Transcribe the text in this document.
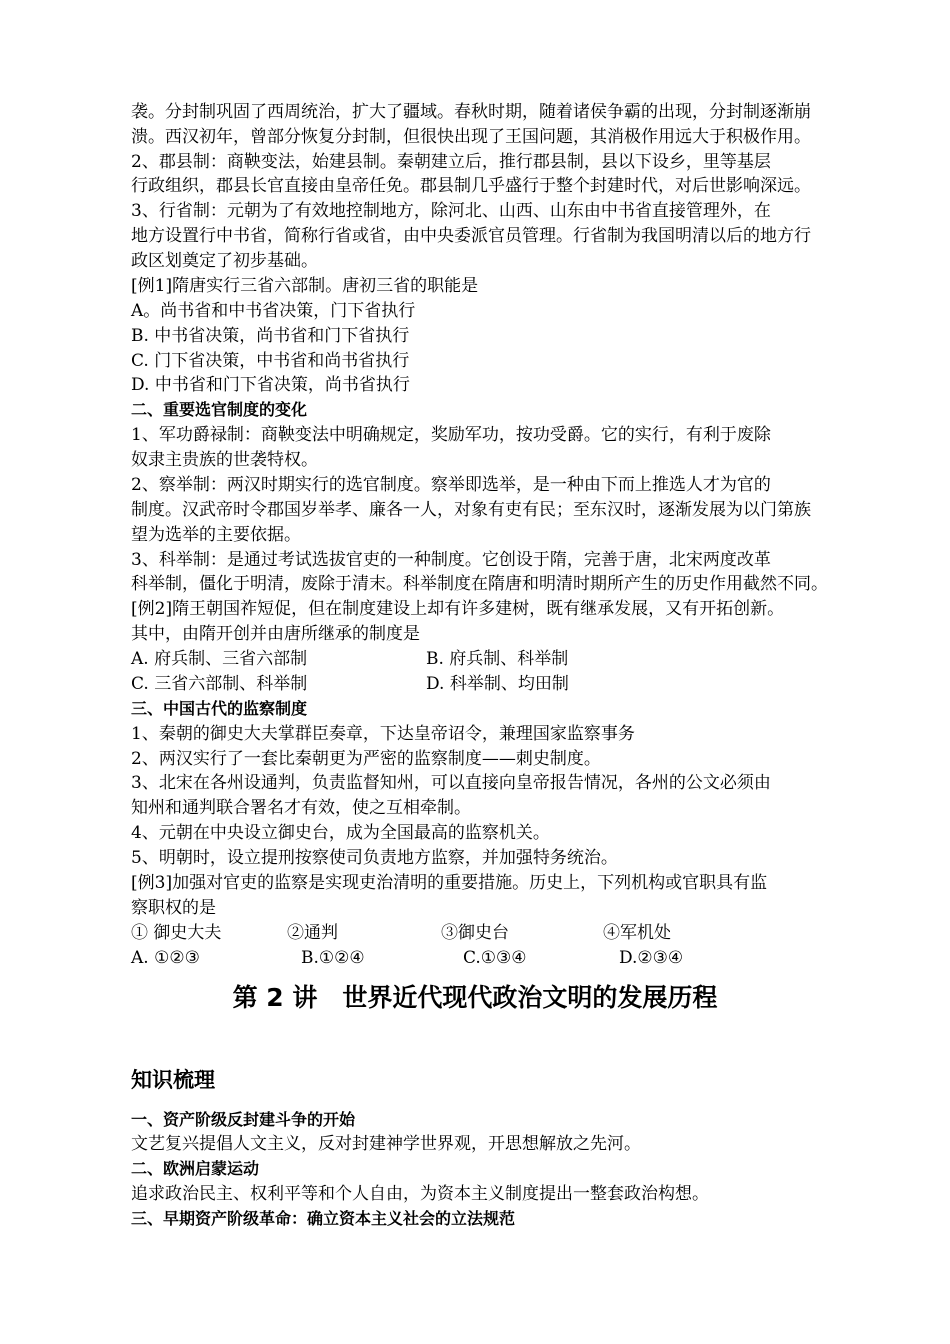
袭。分封制巩固了西周统治，扩大了疆域。春秋时期，随着诸侯争霸的出现，分封制逐渐崩
溃。西汉初年，曾部分恢复分封制，但很快出现了王国问题，其消极作用远大于积极作用。
2、郡县制：商鞅变法，始建县制。秦朝建立后，推行郡县制，县以下设乡，里等基层
行政组织，郡县长官直接由皇帝任免。郡县制几乎盛行于整个封建时代，对后世影响深远。
3、行省制：元朝为了有效地控制地方，除河北、山西、山东由中书省直接管理外，在
地方设置行中书省，简称行省或省，由中央委派官员管理。行省制为我国明清以后的地方行
政区划奠定了初步基础。
[例1]隋唐实行三省六部制。唐初三省的职能是
A。尚书省和中书省决策，门下省执行
B. 中书省决策，尚书省和门下省执行
C. 门下省决策，中书省和尚书省执行
D. 中书省和门下省决策，尚书省执行
二、重要选官制度的变化
1、军功爵禄制：商鞅变法中明确规定，奖励军功，按功受爵。它的实行，有利于废除
奴隶主贵族的世袭特权。
2、察举制：两汉时期实行的选官制度。察举即选举，是一种由下而上推选人才为官的
制度。汉武帝时令郡国岁举孝、廉各一人，对象有吏有民；至东汉时，逐渐发展为以门第族
望为选举的主要依据。
3、科举制：是通过考试选拔官吏的一种制度。它创设于隋，完善于唐，北宋两度改革
科举制，僵化于明清，废除于清末。科举制度在隋唐和明清时期所产生的历史作用截然不同。
[例2]隋王朝国祚短促，但在制度建设上却有许多建树，既有继承发展，又有开拓创新。
其中，由隋开创并由唐所继承的制度是
A. 府兵制、三省六部制	B. 府兵制、科举制
C. 三省六部制、科举制	D. 科举制、均田制
三、中国古代的监察制度
1、秦朝的御史大夫掌群臣奏章，下达皇帝诏令，兼理国家监察事务
2、两汉实行了一套比秦朝更为严密的监察制度——刺史制度。
3、北宋在各州设通判，负责监督知州，可以直接向皇帝报告情况，各州的公文必须由
知州和通判联合署名才有效，使之互相牵制。
4、元朝在中央设立御史台，成为全国最高的监察机关。
5、明朝时，设立提刑按察使司负责地方监察，并加强特务统治。
[例3]加强对官吏的监察是实现吏治清明的重要措施。历史上，下列机构或官职具有监
察职权的是
① 御史大夫	②通判	③御史台	④军机处
A. ①②③	B.①②④	C.①③④	D.②③④
第 2 讲　世界近代现代政治文明的发展历程
知识梳理
一、资产阶级反封建斗争的开始
文艺复兴提倡人文主义，反对封建神学世界观，开思想解放之先河。
二、欧洲启蒙运动
追求政治民主、权利平等和个人自由，为资本主义制度提出一整套政治构想。
三、早期资产阶级革命：确立资本主义社会的立法规范
